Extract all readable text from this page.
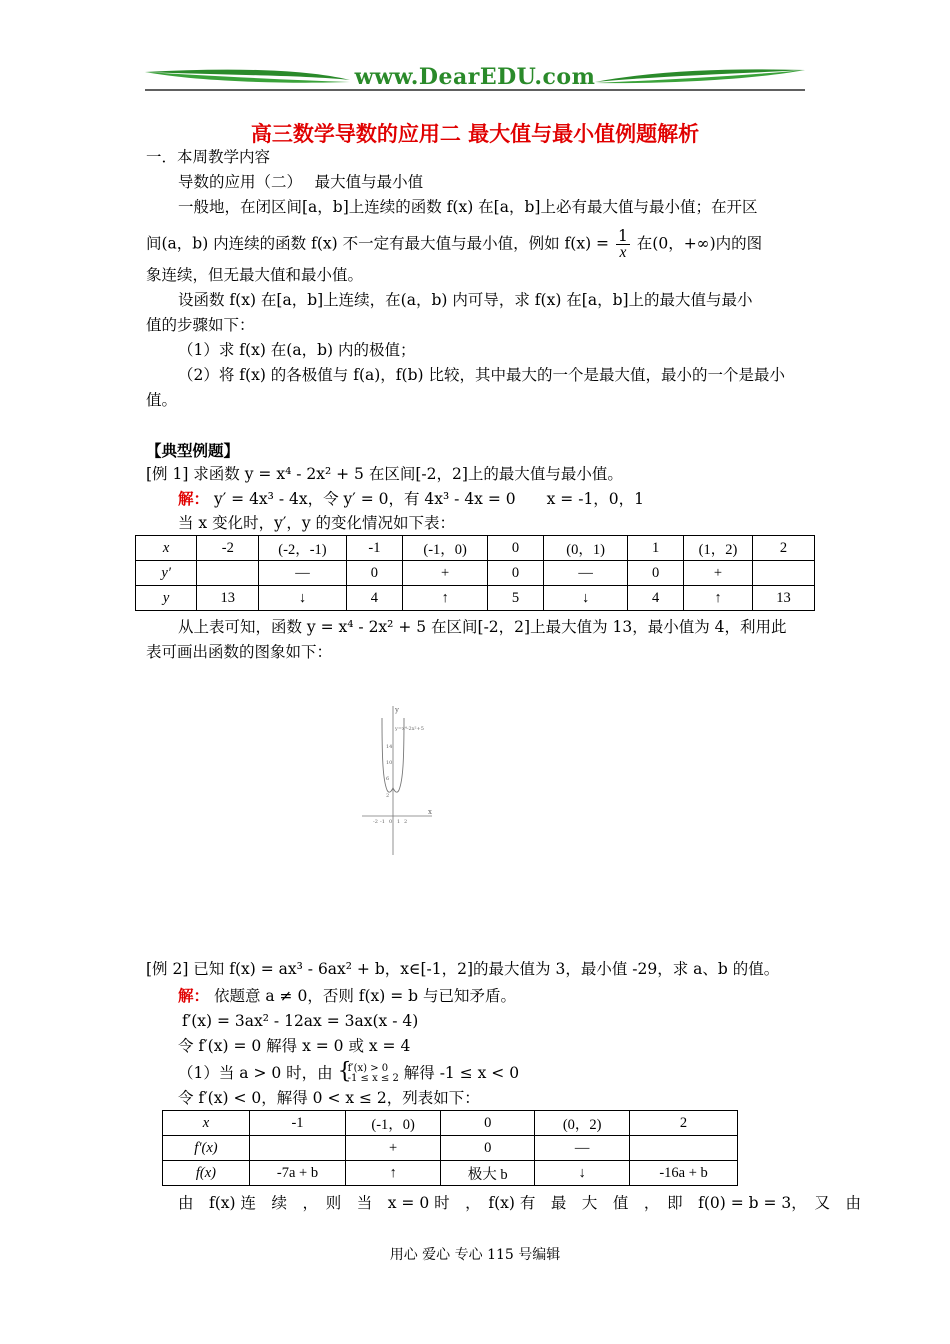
www.DearEDU.com
高三数学导数的应用二 最大值与最小值例题解析
一．本周教学内容
导数的应用（二）　 最大值与最小值
一般地，在闭区间[a，b]上连续的函数 f(x) 在[a，b]上必有最大值与最小值；在开区
间(a，b) 内连续的函数 f(x) 不一定有最大值与最小值，例如 $f(x) = \frac{1}{x}$ 在(0，+∞)内的图
象连续，但无最大值和最小值。
设函数 f(x) 在[a，b]上连续，在(a，b) 内可导，求 f(x) 在[a，b]上的最大值与最小
值的步骤如下：
（1）求 f(x) 在(a，b) 内的极值；
（2）将 f(x) 的各极值与 f(a)，f(b) 比较，其中最大的一个是最大值，最小的一个是最小
值。
【典型例题】
[例 1] 求函数 y = x⁴ - 2x² + 5 在区间[-2，2]上的最大值与最小值。
解： y′ = 4x³ - 4x，令 y′ = 0，有 4x³ - 4x = 0　　x = -1，0，1
当 x 变化时，y′，y 的变化情况如下表：
x	-2	(-2，-1)	-1	(-1，0)	0	(0，1)	1	(1，2)	2
y′		—	0	+	0	—	0	+	
y	13	↓	4	↑	5	↓	4	↑	13
从上表可知，函数 y = x⁴ - 2x² + 5 在区间[-2，2]上最大值为 13，最小值为 4，利用此
表可画出函数的图象如下：
y
x
y=x⁴-2x²+5
14
10
6
2
-2 -1 0 1 2
[例 2] 已知 f(x) = ax³ - 6ax² + b，x∈[-1，2]的最大值为 3，最小值 -29，求 a、b 的值。
解： 依题意 a ≠ 0，否则 f(x) = b 与已知矛盾。
f′(x) = 3ax² - 12ax = 3ax(x - 4)
令 f′(x) = 0 解得 x = 0 或 x = 4
（1）当 a > 0 时，由 {
f′(x) > 0
-1 ≤ x ≤ 2 解得 -1 ≤ x < 0
令 f′(x) < 0，解得 0 < x ≤ 2，列表如下：
x	-1	(-1，0)	0	(0，2)	2
f′(x)		+	0	—	
f(x)	-7a + b	↑	极大 b	↓	-16a + b
由　f(x) 连　续　，　则　当　x = 0 时　，　f(x) 有　最　大　值　，　即　f(0) = b = 3，　又　由
用心 爱心 专心 115 号编辑
